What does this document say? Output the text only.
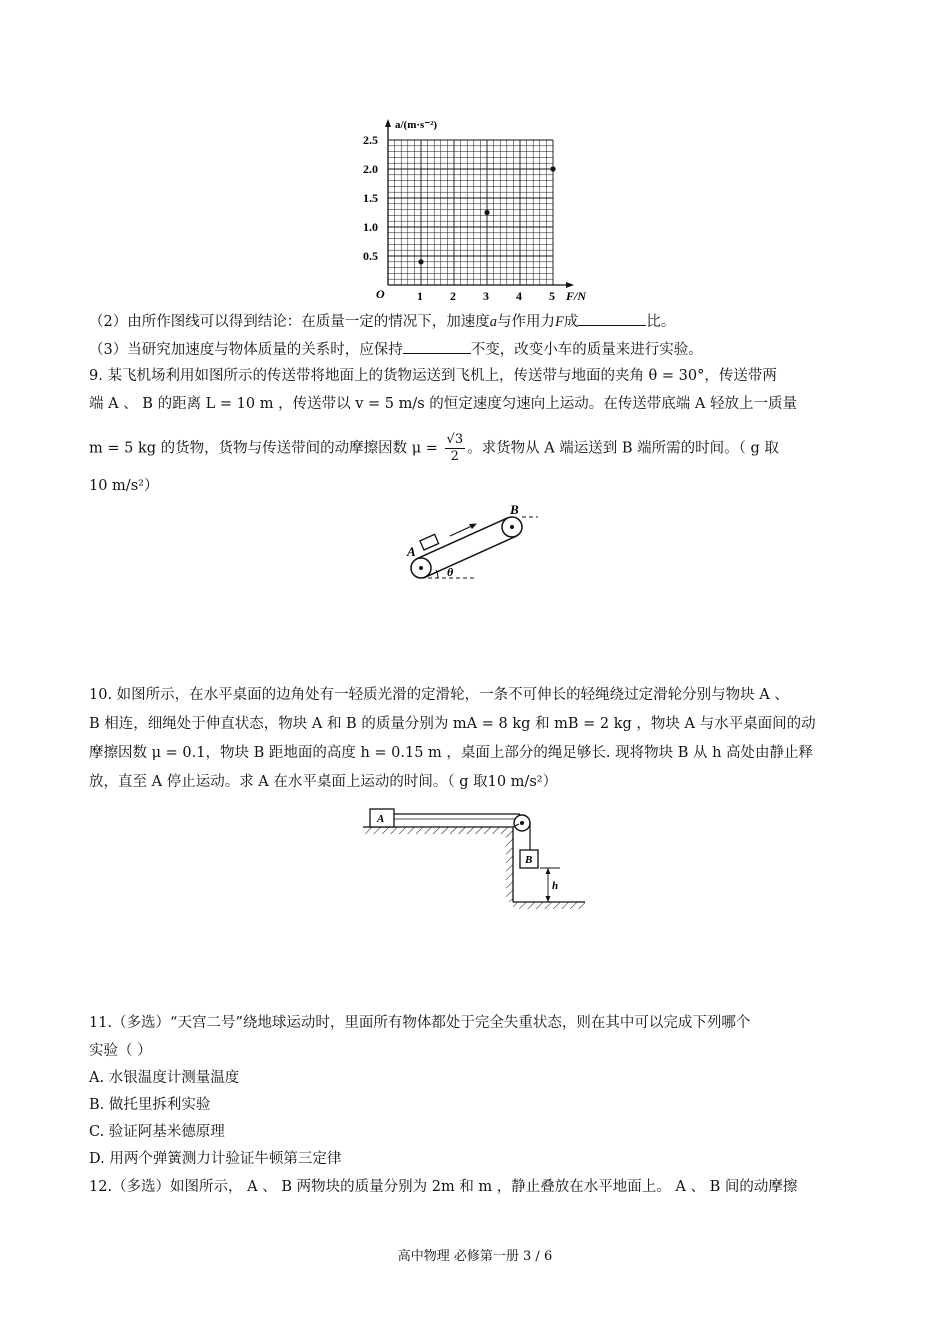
1 2 3 4 5
0.5
1.0
1.5
2.0
2.5
a/(m·s⁻²)
F/N
O
（2）由所作图线可以得到结论：在质量一定的情况下，加速度a与作用力F成	比。
（3）当研究加速度与物体质量的关系时，应保持	不变，改变小车的质量来进行实验。
9. 某飞机场利用如图所示的传送带将地面上的货物运送到飞机上，传送带与地面的夹角 θ = 30°，传送带两
端 A 、 B 的距离 L = 10 m ，传送带以 v = 5 m/s 的恒定速度匀速向上运动。在传送带底端 A 轻放上一质量
m = 5 kg 的货物，货物与传送带间的动摩擦因数 $\mu = \frac{√3}{2}$ 。求货物从 A 端运送到 B 端所需的时间。（ g 取
10 m/s²）
A
B
θ
10. 如图所示，在水平桌面的边角处有一轻质光滑的定滑轮，一条不可伸长的轻绳绕过定滑轮分别与物块 A 、
B 相连，细绳处于伸直状态，物块 A 和 B 的质量分别为 mA = 8 kg 和 mB = 2 kg ，物块 A 与水平桌面间的动
摩擦因数 μ = 0.1，物块 B 距地面的高度 h = 0.15 m ，桌面上部分的绳足够长. 现将物块 B 从 h 高处由静止释
放，直至 A 停止运动。求 A 在水平桌面上运动的时间。（ g 取10 m/s²）
A
B
h
11.（多选）“天宫二号”绕地球运动时，里面所有物体都处于完全失重状态，则在其中可以完成下列哪个
实验（ ）
A. 水银温度计测量温度
B. 做托里拆利实验
C. 验证阿基米德原理
D. 用两个弹簧测力计验证牛顿第三定律
12.（多选）如图所示， A 、 B 两物块的质量分别为 2m 和 m ，静止叠放在水平地面上。 A 、 B 间的动摩擦
高中物理 必修第一册 3 / 6
